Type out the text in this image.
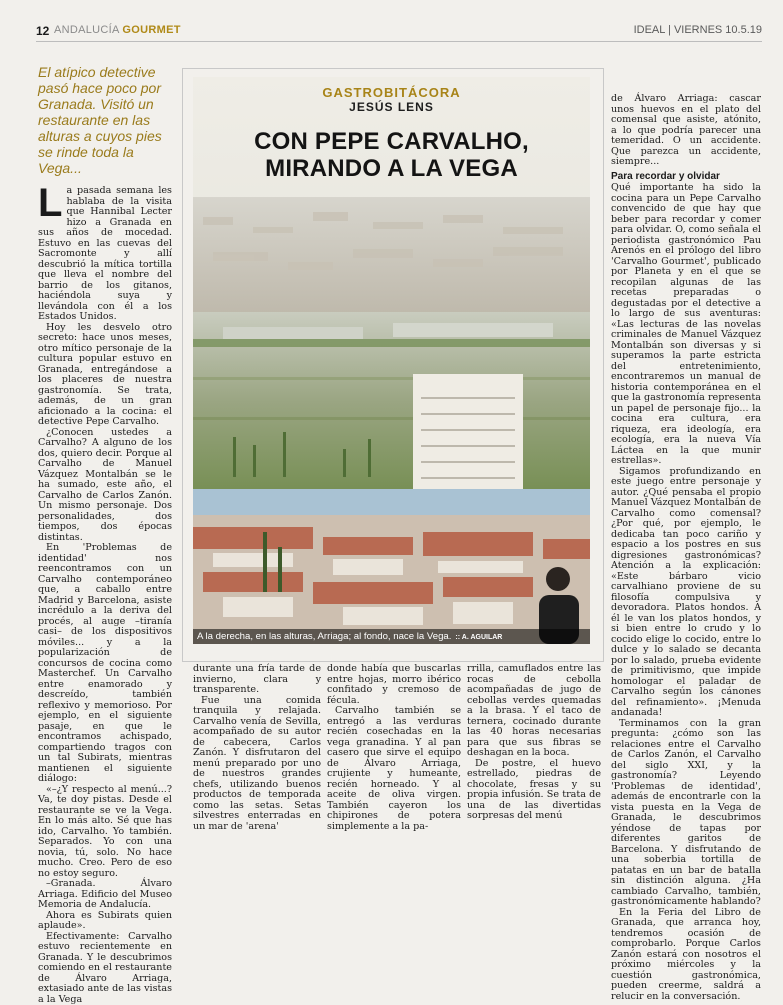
12 ANDALUCÍA GOURMET	IDEAL | VIERNES 10.5.19
El atípico detective pasó hace poco por Granada. Visitó un restaurante en las alturas a cuyos pies se rinde toda la Vega...

La pasada semana les hablaba de la visita que Hannibal Lecter hizo a Granada en sus años de mocedad. Estuvo en las cuevas del Sacromonte y allí descubrió la mítica tortilla que lleva el nombre del barrio de los gitanos, haciéndola suya y llevándola con él a los Estados Unidos.

Hoy les desvelo otro secreto: hace unos meses, otro mítico personaje de la cultura popular estuvo en Granada, entregándose a los placeres de nuestra gastronomía. Se trata, además, de un gran aficionado a la cocina: el detective Pepe Carvalho.

¿Conocen ustedes a Carvalho? A alguno de los dos, quiero decir. Porque al Carvalho de Manuel Vázquez Montalbán se le ha sumado, este año, el Carvalho de Carlos Zanón. Un mismo personaje. Dos personalidades, dos tiempos, dos épocas distintas.

En 'Problemas de identidad' nos reencontramos con un Carvalho contemporáneo que, a caballo entre Madrid y Barcelona, asiste incrédulo a la deriva del procés, al auge –tiranía casi– de los dispositivos móviles... y a la popularización de concursos de cocina como Masterchef. Un Carvalho entre enamorado y descreído, también reflexivo y memorioso. Por ejemplo, en el siguiente pasaje, en que le encontramos achispado, compartiendo tragos con un tal Subirats, mientras mantienen el siguiente diálogo:

«–¿Y respecto al menú...? Va, te doy pistas. Desde el restaurante se ve la Vega. En lo más alto. Sé que has ido, Carvalho. Yo también. Separados. Yo con una novia, tú, solo. No hace mucho. Creo. Pero de eso no estoy seguro.

–Granada. Álvaro Arriaga. Edificio del Museo Memoria de Andalucía.

Ahora es Subirats quien aplaude».

Efectivamente: Carvalho estuvo recientemente en Granada. Y le descubrimos comiendo en el restaurante de Álvaro Arriaga, extasiado ante de las vistas a la Vega

GASTROBITÁCORA
JESÚS LENS
CON PEPE CARVALHO,
MIRANDO A LA VEGA
A la derecha, en las alturas, Arriaga; al fondo, nace la Vega. :: A. AGUILAR

durante una fría tarde de invierno, clara y transparente.

Fue una comida tranquila y relajada. Carvalho venía de Sevilla, acompañado de su autor de cabecera, Carlos Zanón. Y disfrutaron del menú preparado por uno de nuestros grandes chefs, utilizando buenos productos de temporada como las setas. Setas silvestres enterradas en un mar de 'arena'

donde había que buscarlas entre hojas, morro ibérico confitado y cremoso de fécula.

Carvalho también se entregó a las verduras recién cosechadas en la vega granadina. Y al pan casero que sirve el equipo de Álvaro Arriaga, crujiente y humeante, recién horneado. Y al aceite de oliva virgen. También cayeron los chipirones de potera simplemente a la pa-

rrilla, camuflados entre las rocas de cebolla acompañadas de jugo de cebollas verdes quemadas a la brasa. Y el taco de ternera, cocinado durante las 40 horas necesarias para que sus fibras se deshagan en la boca.

De postre, el huevo estrellado, piedras de chocolate, fresas y su propia infusión. Se trata de una de las divertidas sorpresas del menú

de Álvaro Arriaga: cascar unos huevos en el plato del comensal que asiste, atónito, a lo que podría parecer una temeridad. O un accidente. Que parezca un accidente, siempre...

Para recordar y olvidar

Qué importante ha sido la cocina para un Pepe Carvalho convencido de que hay que beber para recordar y comer para olvidar. O, como señala el periodista gastronómico Pau Arenós en el prólogo del libro 'Carvalho Gourmet', publicado por Planeta y en el que se recopilan algunas de las recetas preparadas o degustadas por el detective a lo largo de sus aventuras: «Las lecturas de las novelas criminales de Manuel Vázquez Montalbán son diversas y si superamos la parte estricta del entretenimiento, encontraremos un manual de historia contemporánea en el que la gastronomía representa un papel de personaje fijo... la cocina era cultura, era riqueza, era ideología, era ecología, era la nueva Vía Láctea en la que munir estrellas».

Sigamos profundizando en este juego entre personaje y autor. ¿Qué pensaba el propio Manuel Vázquez Montalbán de Carvalho como comensal? ¿Por qué, por ejemplo, le dedicaba tan poco cariño y espacio a los postres en sus digresiones gastronómicas? Atención a la explicación: «Este bárbaro vicio carvalhiano proviene de su filosofía compulsiva y devoradora. Platos hondos. A él le van los platos hondos, y si bien entre lo crudo y lo cocido elige lo cocido, entre lo dulce y lo salado se decanta por lo salado, prueba evidente de primitivismo, que impide homologar el paladar de Carvalho según los cánones del refinamiento». ¡Menuda andanada!

Terminamos con la gran pregunta: ¿cómo son las relaciones entre el Carvalho de Carlos Zanón, el Carvalho del siglo XXI, y la gastronomía? Leyendo 'Problemas de identidad', además de encontrarle con la vista puesta en la Vega de Granada, le descubrimos yéndose de tapas por diferentes garitos de Barcelona. Y disfrutando de una soberbia tortilla de patatas en un bar de batalla sin distinción alguna. ¿Ha cambiado Carvalho, también, gastronómicamente hablando?

En la Feria del Libro de Granada, que arranca hoy, tendremos ocasión de comprobarlo. Porque Carlos Zanón estará con nosotros el próximo miércoles y la cuestión gastronómica, pueden creerme, saldrá a relucir en la conversación.
